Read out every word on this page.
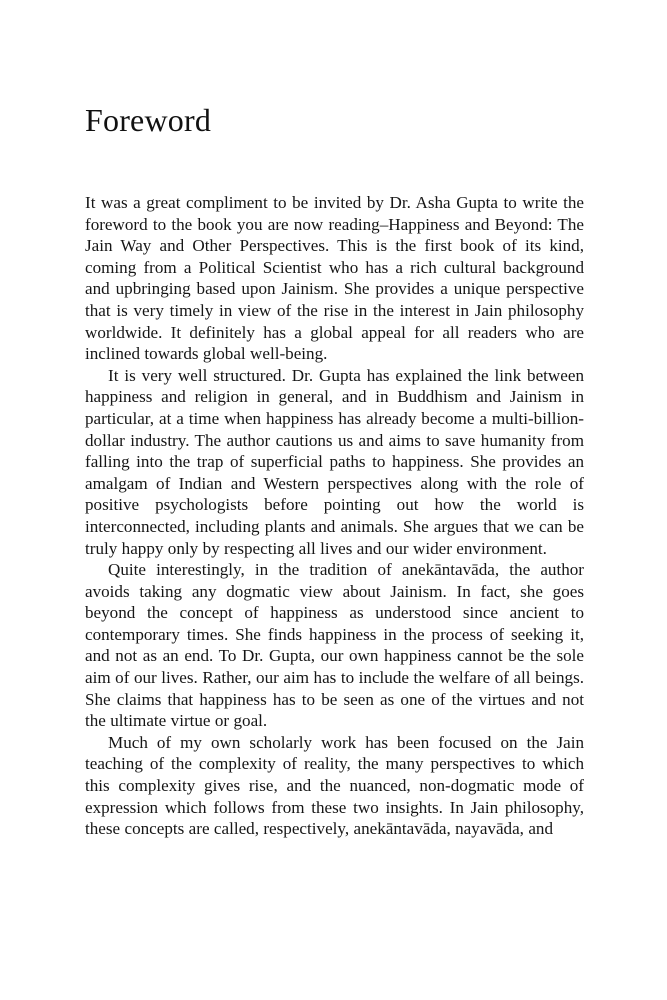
Foreword

It was a great compliment to be invited by Dr. Asha Gupta to write the foreword to the book you are now reading–Happiness and Beyond: The Jain Way and Other Perspectives. This is the first book of its kind, coming from a Political Scientist who has a rich cultural background and upbringing based upon Jainism. She provides a unique perspective that is very timely in view of the rise in the interest in Jain philosophy worldwide. It definitely has a global appeal for all readers who are inclined towards global well-being.

It is very well structured. Dr. Gupta has explained the link between happiness and religion in general, and in Buddhism and Jainism in particular, at a time when happiness has already become a multi-billion-dollar industry. The author cautions us and aims to save humanity from falling into the trap of superficial paths to happiness. She provides an amalgam of Indian and Western perspectives along with the role of positive psychologists before pointing out how the world is interconnected, including plants and animals. She argues that we can be truly happy only by respecting all lives and our wider environment.

Quite interestingly, in the tradition of anekāntavāda, the author avoids taking any dogmatic view about Jainism. In fact, she goes beyond the concept of happiness as understood since ancient to contemporary times. She finds happiness in the process of seeking it, and not as an end. To Dr. Gupta, our own happiness cannot be the sole aim of our lives. Rather, our aim has to include the welfare of all beings. She claims that happiness has to be seen as one of the virtues and not the ultimate virtue or goal.

Much of my own scholarly work has been focused on the Jain teaching of the complexity of reality, the many perspectives to which this complexity gives rise, and the nuanced, non-dogmatic mode of expression which follows from these two insights. In Jain philosophy, these concepts are called, respectively, anekāntavāda, nayavāda, and
